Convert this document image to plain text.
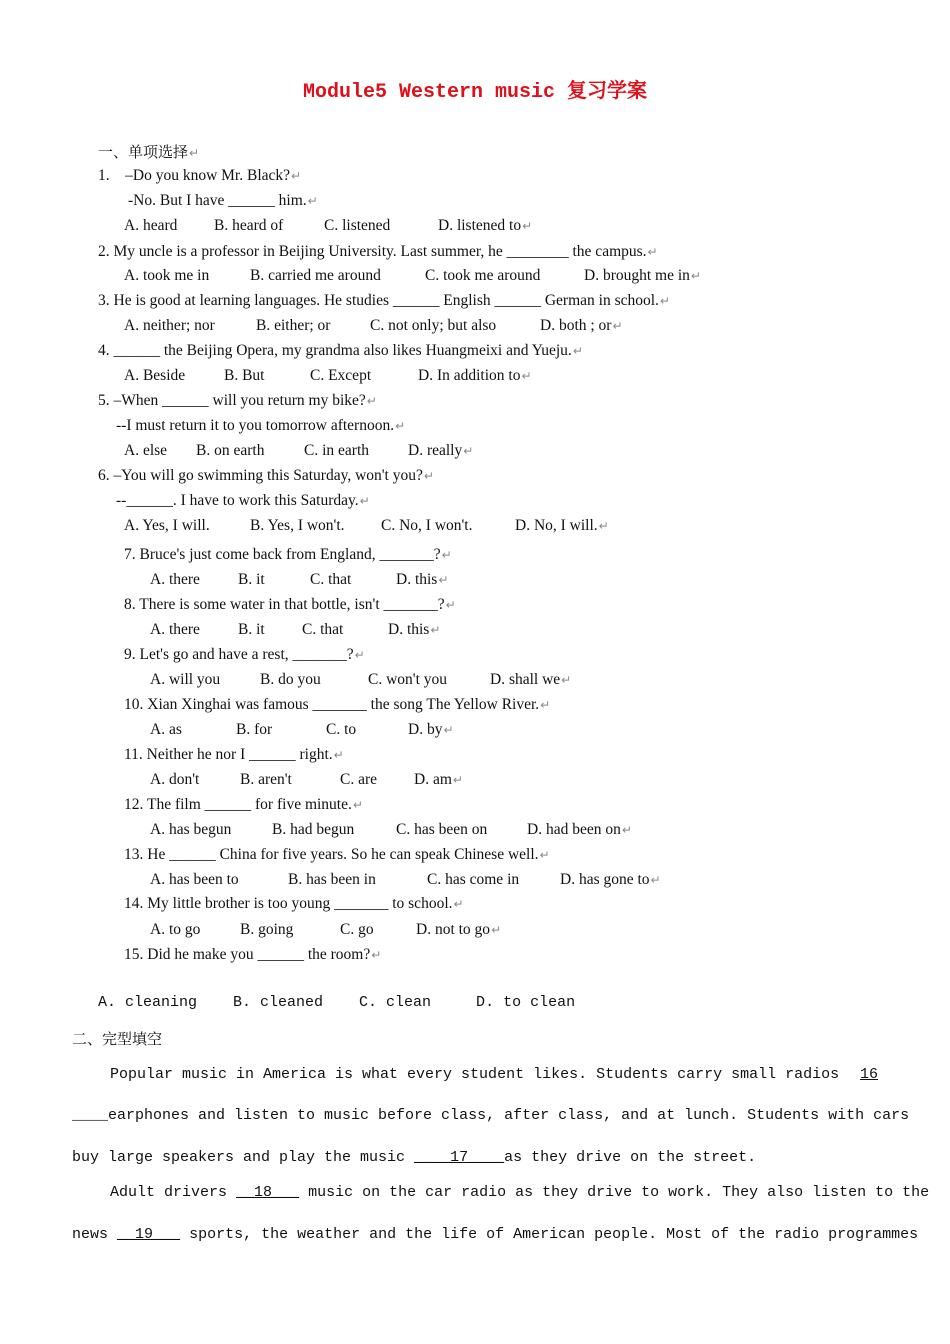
Module5 Western music 复习学案
一、单项选择↵
1.    –Do you know Mr. Black?↵
-No. But I have ______ him.↵
A. heard B. heard of	C. listened	D. listened to↵
2. My uncle is a professor in Beijing University. Last summer, he ________ the campus.↵
A. took me in	B. carried me around	C. took me around	D. brought me in↵
3. He is good at learning languages. He studies ______ English ______ German in school.↵
A. neither; nor	B. either; or	C. not only; but also	D. both ; or↵
4. ______ the Beijing Opera, my grandma also likes Huangmeixi and Yueju.↵
A. Beside	B. But	C. Except	D. In addition to↵
5. –When ______ will you return my bike?↵
--I must return it to you tomorrow afternoon.↵
A. else B. on earth	C. in earth	D. really↵
6. –You will go swimming this Saturday, won't you?↵
--______. I have to work this Saturday.↵
A. Yes, I will.	B. Yes, I won't. C. No, I won't.	D. No, I will.↵
7. Bruce's just come back from England, _______?↵
A. there B. it	C. that	D. this↵
8. There is some water in that bottle, isn't _______?↵
A. there B. it C. that	D. this↵
9. Let's go and have a rest, _______?↵
A. will you	B. do you	C. won't you	D. shall we↵
10. Xian Xinghai was famous _______ the song The Yellow River.↵
A. as	B. for	C. to	D. by↵
11. Neither he nor I ______ right.↵
A. don't	B. aren't	C. are D. am↵
12. The film ______ for five minute.↵
A. has begun	B. had begun	C. has been on	D. had been on↵
13. He ______ China for five years. So he can speak Chinese well.↵
A. has been to	B. has been in	C. has come in	D. has gone to↵
14. My little brother is too young _______ to school.↵
A. to go	B. going	C. go	D. not to go↵
15. Did he make you ______ the room?↵
A. cleaning    B. cleaned    C. clean     D. to clean
二、完型填空
Popular music in America is what every student likes. Students carry small radios 16
____earphones and listen to music before class, after class, and at lunch. Students with cars
buy large speakers and play the music ____17____as they drive on the street.
Adult drivers __18___ music on the car radio as they drive to work. They also listen to the
news __19___ sports, the weather and the life of American people. Most of the radio programmes
